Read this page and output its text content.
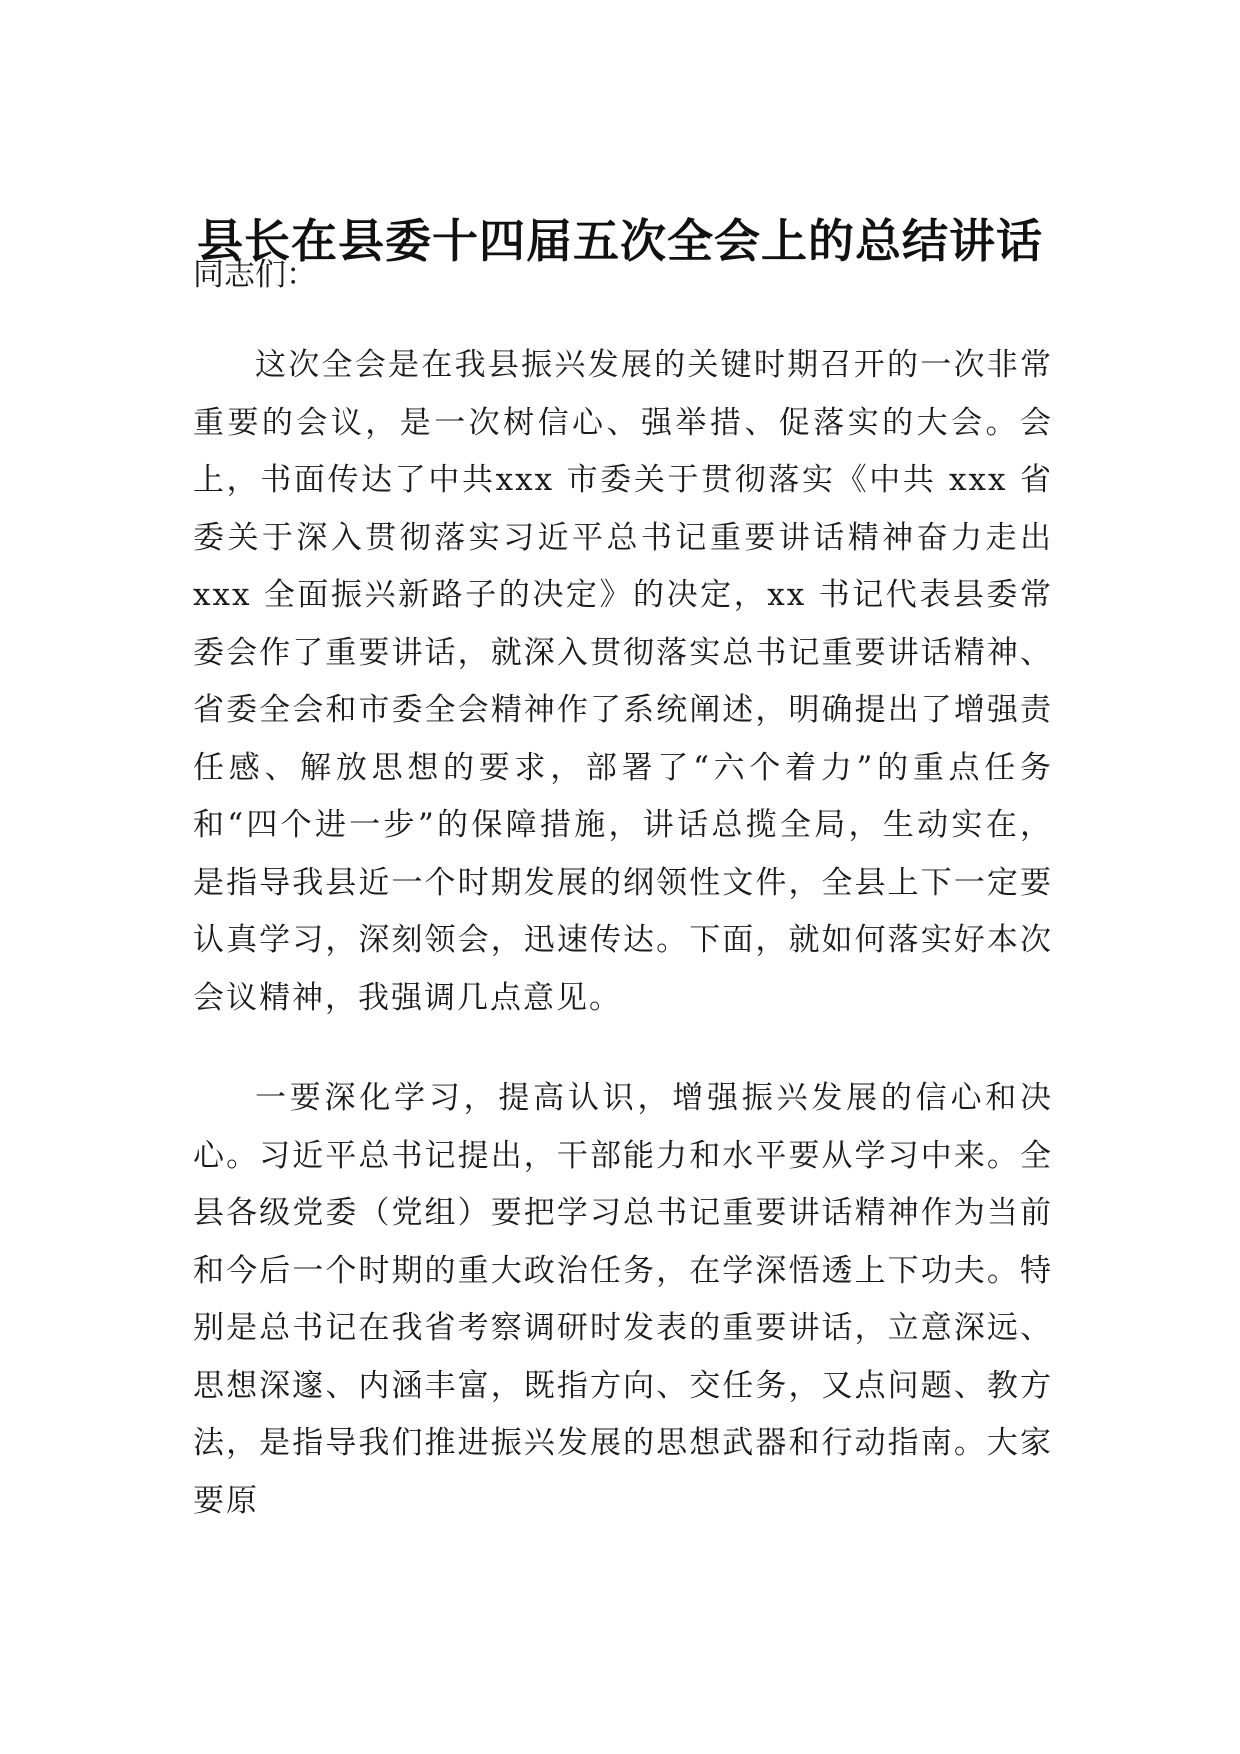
县长在县委十四届五次全会上的总结讲话
同志们：

这次全会是在我县振兴发展的关键时期召开的一次非常重要的会议，是一次树信心、强举措、促落实的大会。会上，书面传达了中共xxx 市委关于贯彻落实《中共 xxx 省委关于深入贯彻落实习近平总书记重要讲话精神奋力走出 xxx 全面振兴新路子的决定》的决定，xx 书记代表县委常委会作了重要讲话，就深入贯彻落实总书记重要讲话精神、省委全会和市委全会精神作了系统阐述，明确提出了增强责任感、解放思想的要求，部署了“六个着力”的重点任务和“四个进一步”的保障措施，讲话总揽全局，生动实在，是指导我县近一个时期发展的纲领性文件，全县上下一定要认真学习，深刻领会，迅速传达。下面，就如何落实好本次会议精神，我强调几点意见。

一要深化学习，提高认识，增强振兴发展的信心和决心。习近平总书记提出，干部能力和水平要从学习中来。全县各级党委（党组）要把学习总书记重要讲话精神作为当前和今后一个时期的重大政治任务，在学深悟透上下功夫。特别是总书记在我省考察调研时发表的重要讲话，立意深远、思想深邃、内涵丰富，既指方向、交任务，又点问题、教方法，是指导我们推进振兴发展的思想武器和行动指南。大家要原
